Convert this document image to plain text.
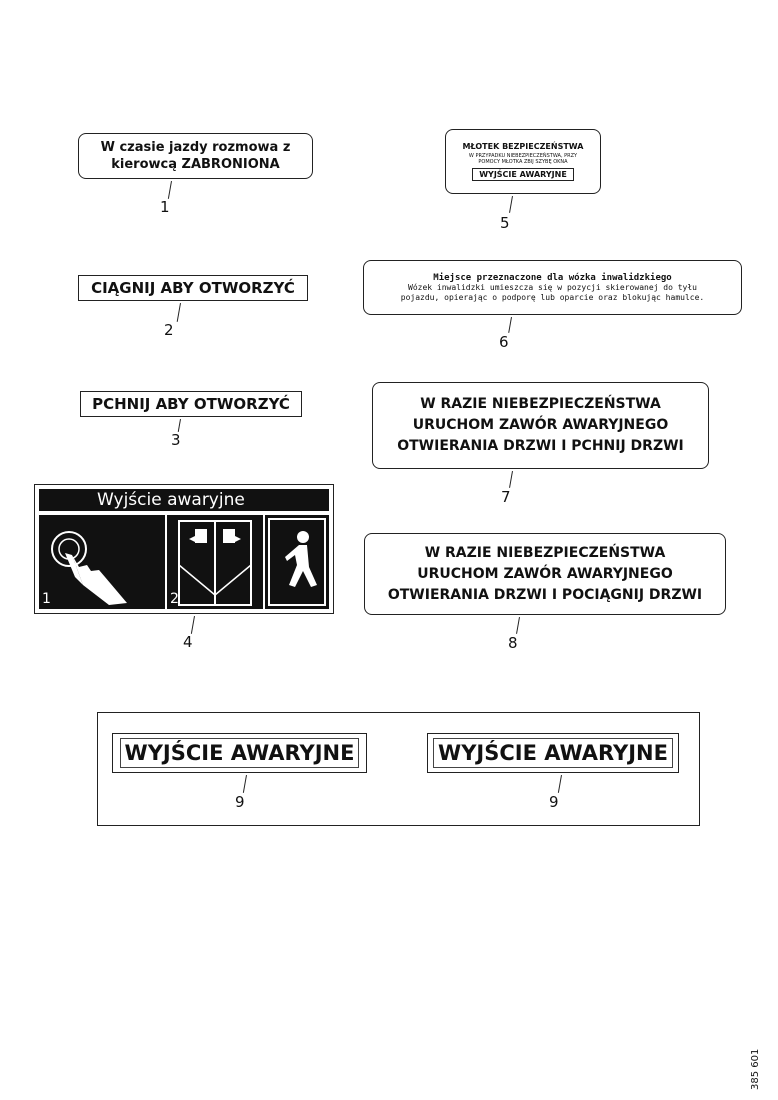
W czasie jazdy rozmowa z
kierowcą ZABRONIONA
1
CIĄGNIJ ABY OTWORZYĆ
2
PCHNIJ ABY OTWORZYĆ
3
Wyjście awaryjne
1	2
4
MŁOTEK BEZPIECZEŃSTWA
W PRZYPADKU NIEBEZPIECZEŃSTWA, PRZY POMOCY MŁOTKA ZBIJ SZYBĘ OKNA
WYJŚCIE AWARYJNE
5
Miejsce przeznaczone dla wózka inwalidzkiego
Wózek inwalidzki umieszcza się w pozycji skierowanej do tyłu pojazdu, opierając o podporę lub oparcie oraz blokując hamulce.
6
W RAZIE NIEBEZPIECZEŃSTWA
URUCHOM ZAWÓR AWARYJNEGO
OTWIERANIA DRZWI I PCHNIJ DRZWI
7
W RAZIE NIEBEZPIECZEŃSTWA
URUCHOM ZAWÓR AWARYJNEGO
OTWIERANIA DRZWI I POCIĄGNIJ DRZWI
8
WYJŚCIE AWARYJNE
9
WYJŚCIE AWARYJNE
9
385 601
